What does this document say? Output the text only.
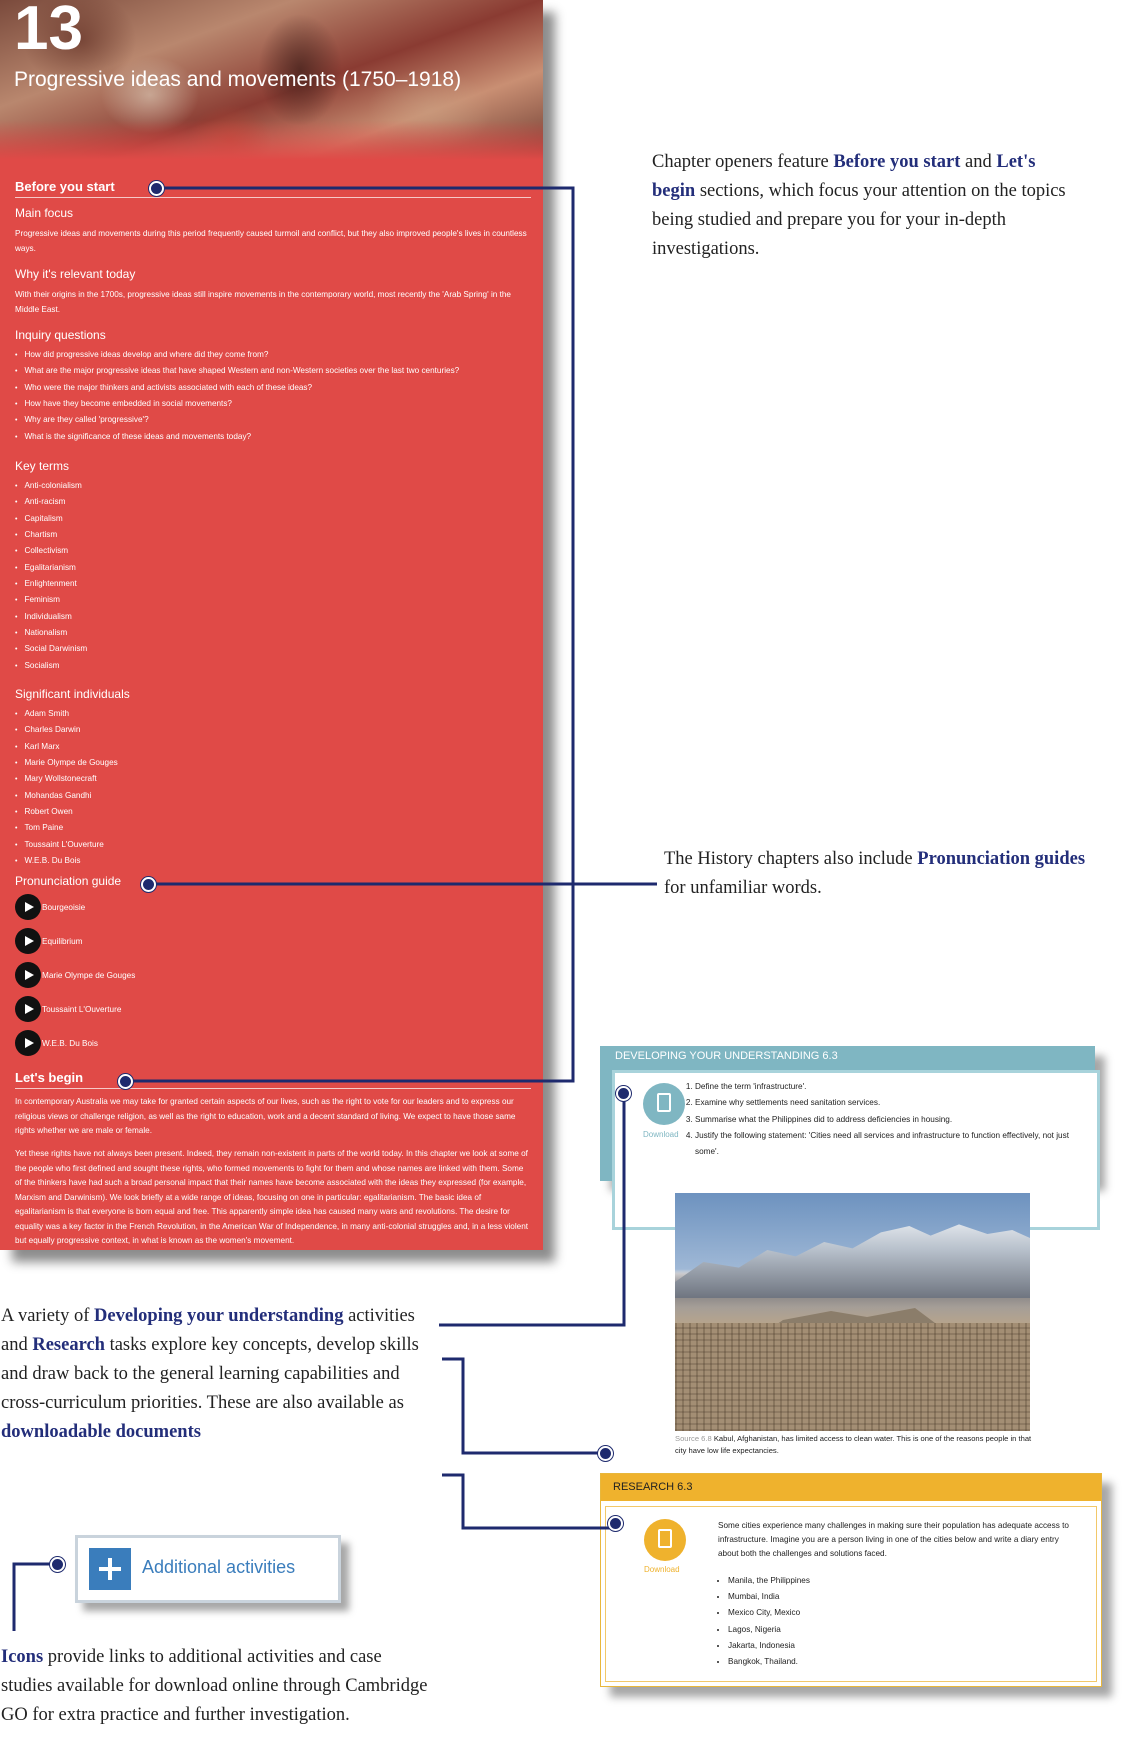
13
Progressive ideas and movements (1750–1918)
Before you start
Main focus
Progressive ideas and movements during this period frequently caused turmoil and conflict, but they also improved people's lives in countless ways.
Why it's relevant today
With their origins in the 1700s, progressive ideas still inspire movements in the contemporary world, most recently the 'Arab Spring' in the Middle East.
Inquiry questions
• How did progressive ideas develop and where did they come from?
• What are the major progressive ideas that have shaped Western and non-Western societies over the last two centuries?
• Who were the major thinkers and activists associated with each of these ideas?
• How have they become embedded in social movements?
• Why are they called 'progressive'?
• What is the significance of these ideas and movements today?
Key terms
• Anti-colonialism
• Anti-racism
• Capitalism
• Chartism
• Collectivism
• Egalitarianism
• Enlightenment
• Feminism
• Individualism
• Nationalism
• Social Darwinism
• Socialism
Significant individuals
• Adam Smith
• Charles Darwin
• Karl Marx
• Marie Olympe de Gouges
• Mary Wollstonecraft
• Mohandas Gandhi
• Robert Owen
• Tom Paine
• Toussaint L'Ouverture
• W.E.B. Du Bois
Pronunciation guide
Bourgeoisie
Equilibrium
Marie Olympe de Gouges
Toussaint L'Ouverture
W.E.B. Du Bois
Let's begin
In contemporary Australia we may take for granted certain aspects of our lives, such as the right to vote for our leaders and to express our religious views or challenge religion, as well as the right to education, work and a decent standard of living. We expect to have those same rights whether we are male or female.
Yet these rights have not always been present. Indeed, they remain non-existent in parts of the world today. In this chapter we look at some of the people who first defined and sought these rights, who formed movements to fight for them and whose names are linked with them. Some of the thinkers have had such a broad personal impact that their names have become associated with the ideas they expressed (for example, Marxism and Darwinism). We look briefly at a wide range of ideas, focusing on one in particular: egalitarianism. The basic idea of egalitarianism is that everyone is born equal and free. This apparently simple idea has caused many wars and revolutions. The desire for equality was a key factor in the French Revolution, in the American War of Independence, in many anti-colonial struggles and, in a less violent but equally progressive context, in what is known as the women's movement.
DEVELOPING YOUR UNDERSTANDING 6.3
Download
1. Define the term 'infrastructure'.
2. Examine why settlements need sanitation services.
3. Summarise what the Philippines did to address deficiencies in housing.
4. Justify the following statement: 'Cities need all services and infrastructure to function effectively, not just some'.
Source 6.8 Kabul, Afghanistan, has limited access to clean water. This is one of the reasons people in that city have low life expectancies.
RESEARCH 6.3
Download
Some cities experience many challenges in making sure their population has adequate access to infrastructure. Imagine you are a person living in one of the cities below and write a diary entry about both the challenges and solutions faced.
• Manila, the Philippines
• Mumbai, India
• Mexico City, Mexico
• Lagos, Nigeria
• Jakarta, Indonesia
• Bangkok, Thailand.
Additional activities
Chapter openers feature Before you start and Let's begin sections, which focus your attention on the topics being studied and prepare you for your in-depth investigations.
The History chapters also include Pronunciation guides for unfamiliar words.
A variety of Developing your understanding activities and Research tasks explore key concepts, develop skills and draw back to the general learning capabilities and cross-curriculum priorities. These are also available as downloadable documents
Icons provide links to additional activities and case studies available for download online through Cambridge GO for extra practice and further investigation.
